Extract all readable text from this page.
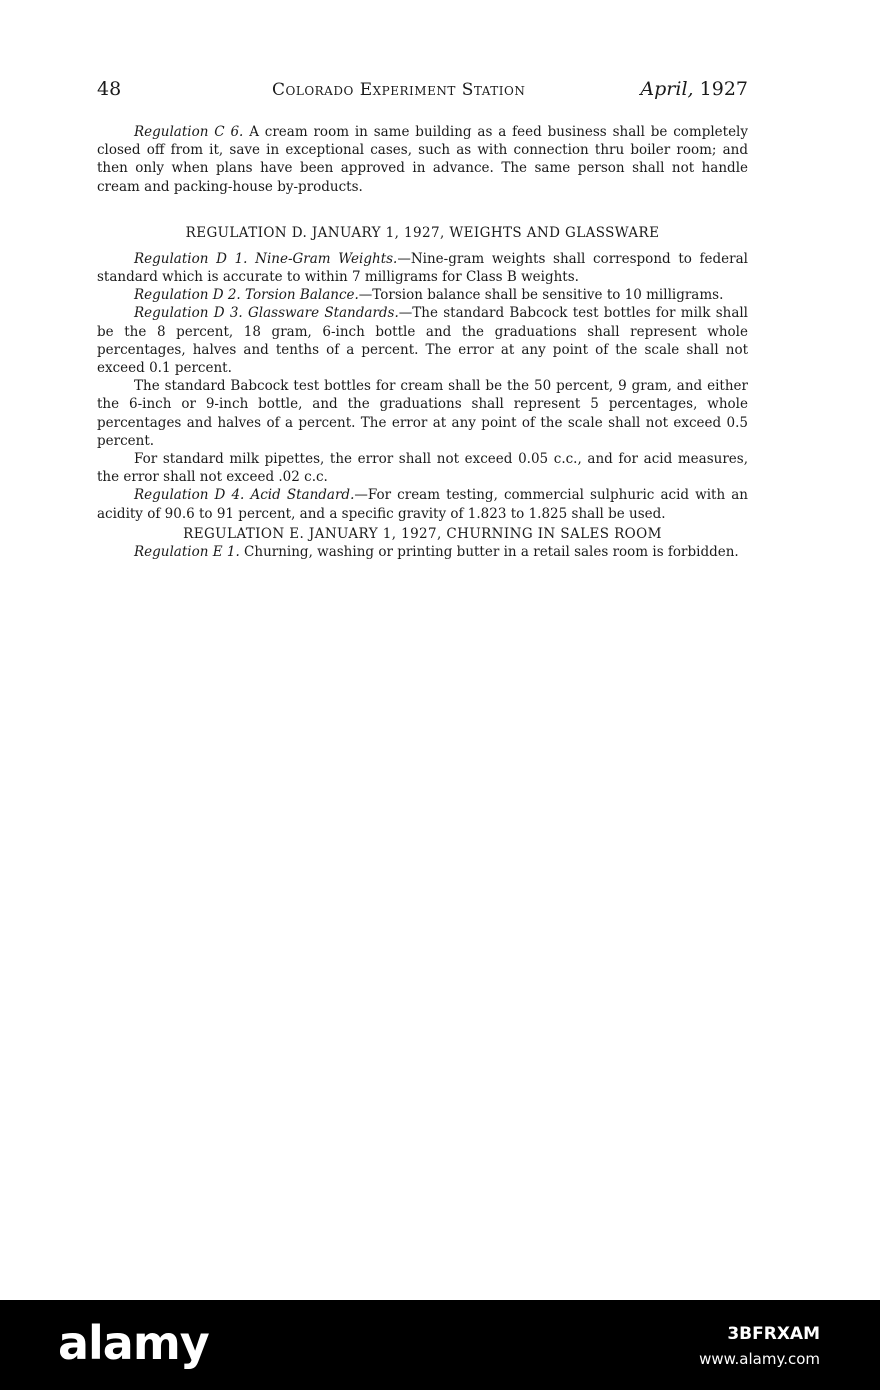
48	Colorado Experiment Station	April, 1927

Regulation C 6. A cream room in same building as a feed business shall be completely closed off from it, save in exceptional cases, such as with connection thru boiler room; and then only when plans have been approved in advance. The same person shall not handle cream and packing-house by-products.

REGULATION D. JANUARY 1, 1927, WEIGHTS AND GLASSWARE

Regulation D 1. Nine-Gram Weights.—Nine-gram weights shall correspond to federal standard which is accurate to within 7 milligrams for Class B weights.

Regulation D 2. Torsion Balance.—Torsion balance shall be sensitive to 10 milligrams.

Regulation D 3. Glassware Standards.—The standard Babcock test bottles for milk shall be the 8 percent, 18 gram, 6-inch bottle and the graduations shall represent whole percentages, halves and tenths of a percent. The error at any point of the scale shall not exceed 0.1 percent.

The standard Babcock test bottles for cream shall be the 50 percent, 9 gram, and either the 6-inch or 9-inch bottle, and the graduations shall represent 5 percentages, whole percentages and halves of a percent. The error at any point of the scale shall not exceed 0.5 percent.

For standard milk pipettes, the error shall not exceed 0.05 c.c., and for acid measures, the error shall not exceed .02 c.c.

Regulation D 4. Acid Standard.—For cream testing, commercial sulphuric acid with an acidity of 90.6 to 91 percent, and a specific gravity of 1.823 to 1.825 shall be used.

REGULATION E. JANUARY 1, 1927, CHURNING IN SALES ROOM

Regulation E 1. Churning, washing or printing butter in a retail sales room is forbidden.

alamy	3BFRXAM
www.alamy.com
